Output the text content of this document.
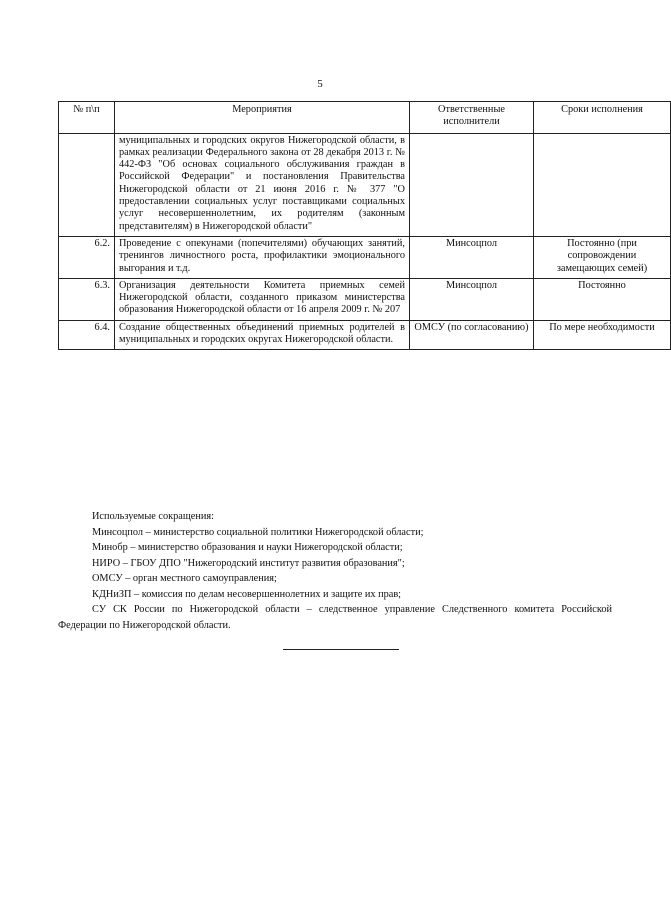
5
№ п\п	Мероприятия	Ответственные исполнители	Сроки исполнения
	муниципальных и городских округов Нижегородской области, в рамках реализации Федерального закона от 28 декабря 2013 г. № 442-ФЗ "Об основах социального обслуживания граждан в Российской Федерации" и постановления Правительства Нижегородской области от 21 июня 2016 г. № 377 "О предоставлении социальных услуг поставщиками социальных услуг несовершеннолетним, их родителям (законным представителям) в Нижегородской области"		
6.2.	Проведение с опекунами (попечителями) обучающих занятий, тренингов личностного роста, профилактики эмоционального выгорания и т.д.	Минсоцпол	Постоянно (при сопровождении замещающих семей)
6.3.	Организация деятельности Комитета приемных семей Нижегородской области, созданного приказом министерства образования Нижегородской области от 16 апреля 2009 г. № 207	Минсоцпол	Постоянно
6.4.	Создание общественных объединений приемных родителей в муниципальных и городских округах Нижегородской области.	ОМСУ (по согласованию)	По мере необходимости

Используемые сокращения:

Минсоцпол – министерство социальной политики Нижегородской области;

Минобр – министерство образования и науки Нижегородской области;

НИРО – ГБОУ ДПО "Нижегородский институт развития образования";

ОМСУ – орган местного самоуправления;

КДНиЗП – комиссия по делам несовершеннолетних и защите их прав;

СУ СК России по Нижегородской области – следственное управление Следственного комитета Российской Федерации по Нижегородской области.
